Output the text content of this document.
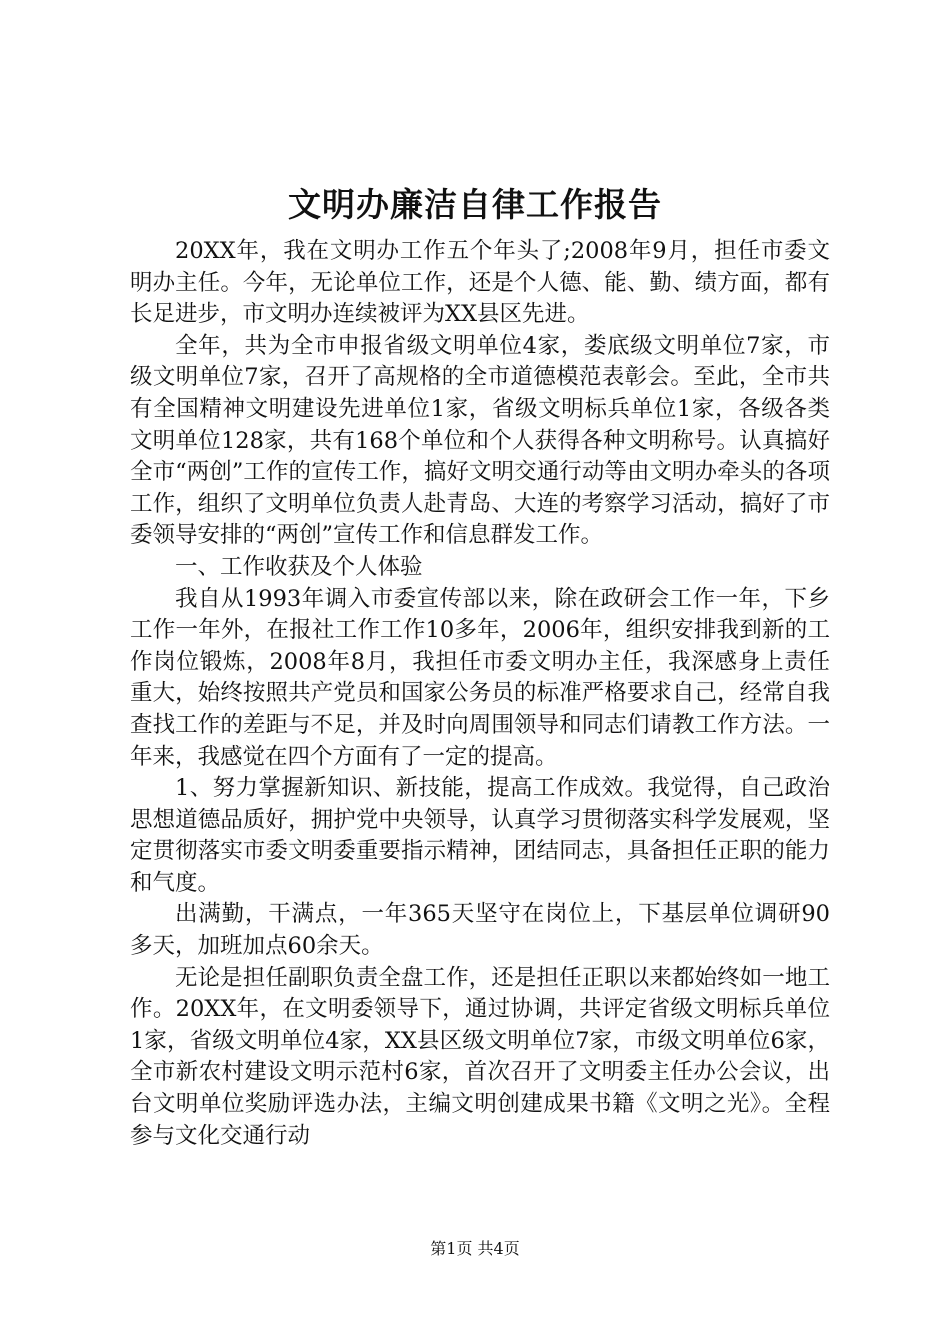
文明办廉洁自律工作报告

20XX年，我在文明办工作五个年头了;2008年9月，担任市委文明办主任。今年，无论单位工作，还是个人德、能、勤、绩方面，都有长足进步，市文明办连续被评为XX县区先进。

全年，共为全市申报省级文明单位4家，娄底级文明单位7家，市级文明单位7家，召开了高规格的全市道德模范表彰会。至此，全市共有全国精神文明建设先进单位1家，省级文明标兵单位1家，各级各类文明单位128家，共有168个单位和个人获得各种文明称号。认真搞好全市“两创”工作的宣传工作，搞好文明交通行动等由文明办牵头的各项工作，组织了文明单位负责人赴青岛、大连的考察学习活动，搞好了市委领导安排的“两创”宣传工作和信息群发工作。

一、工作收获及个人体验

我自从1993年调入市委宣传部以来，除在政研会工作一年，下乡工作一年外，在报社工作工作10多年，2006年，组织安排我到新的工作岗位锻炼，2008年8月，我担任市委文明办主任，我深感身上责任重大，始终按照共产党员和国家公务员的标准严格要求自己，经常自我查找工作的差距与不足，并及时向周围领导和同志们请教工作方法。一年来，我感觉在四个方面有了一定的提高。

1、努力掌握新知识、新技能，提高工作成效。我觉得，自己政治思想道德品质好，拥护党中央领导，认真学习贯彻落实科学发展观，坚定贯彻落实市委文明委重要指示精神，团结同志，具备担任正职的能力和气度。

出满勤，干满点，一年365天坚守在岗位上，下基层单位调研90多天，加班加点60余天。

无论是担任副职负责全盘工作，还是担任正职以来都始终如一地工作。20XX年，在文明委领导下，通过协调，共评定省级文明标兵单位1家，省级文明单位4家，XX县区级文明单位7家，市级文明单位6家，全市新农村建设文明示范村6家，首次召开了文明委主任办公会议，出台文明单位奖励评选办法，主编文明创建成果书籍《文明之光》。全程参与文化交通行动

第1页 共4页
